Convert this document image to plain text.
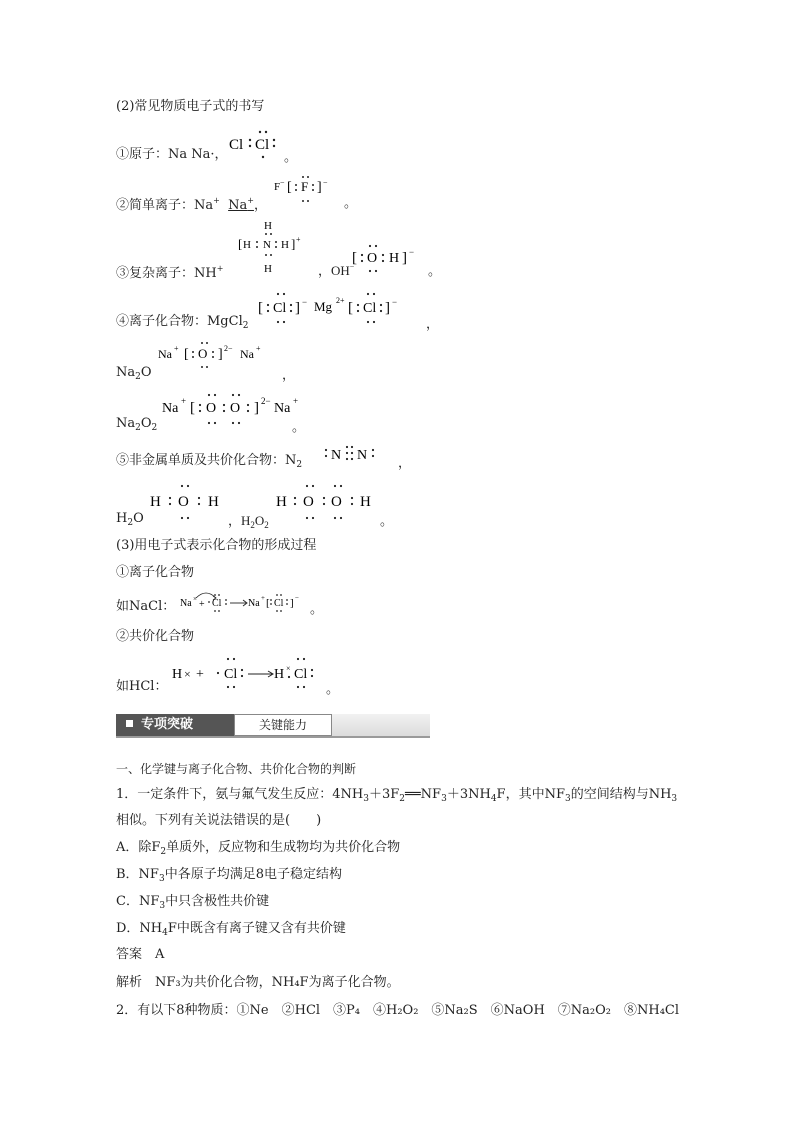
(2)常见物质电子式的书写
①原子：Na Na·，
Cl Cl
。
②简单离子：Na+ Na+，
F − [ F ] −
。
③复杂离子：NH+
H
[ H N H ] +
H	，OH−
[ O H ] −
。
④离子化合物：MgCl$_2$
[ Cl ] − Mg 2+ [ Cl ] −
，
$Na_2O$
Na + [ O ] 2− Na +
，
$Na_2O_2$
Na + [ O O ] 2− Na +
。
⑤非金属单质及共价化合物：$N_2$
N N ，
$H_2O$
H O H
，$H_2O_2$
H O O H
。
(3)用电子式表示化合物的形成过程
①离子化合物
如NaCl： Na × + Cl	Na + [ Cl ] −
。
②共价化合物
如HCl：
H × + Cl	H × Cl
。
专项突破	关键能力
一、化学键与离子化合物、共价化合物的判断
1．一定条件下，氨与氟气发生反应：$4NH_3+3F_2══NF_3+3NH_4F$，其中$NF_3$的空间结构与$NH_3$
相似。下列有关说法错误的是(　　)
A．除$F_2$单质外，反应物和生成物均为共价化合物
B．$NF_3$中各原子均满足8电子稳定结构
C．$NF_3$中只含极性共价键
D．$NH_4F$中既含有离子键又含有共价键
答案　 A
解析　 NF₃为共价化合物，NH₄F为离子化合物。
2．有以下8种物质：①Ne　②HCl　③P₄　④H₂O₂　⑤Na₂S　⑥NaOH　⑦Na₂O₂　⑧NH₄Cl
